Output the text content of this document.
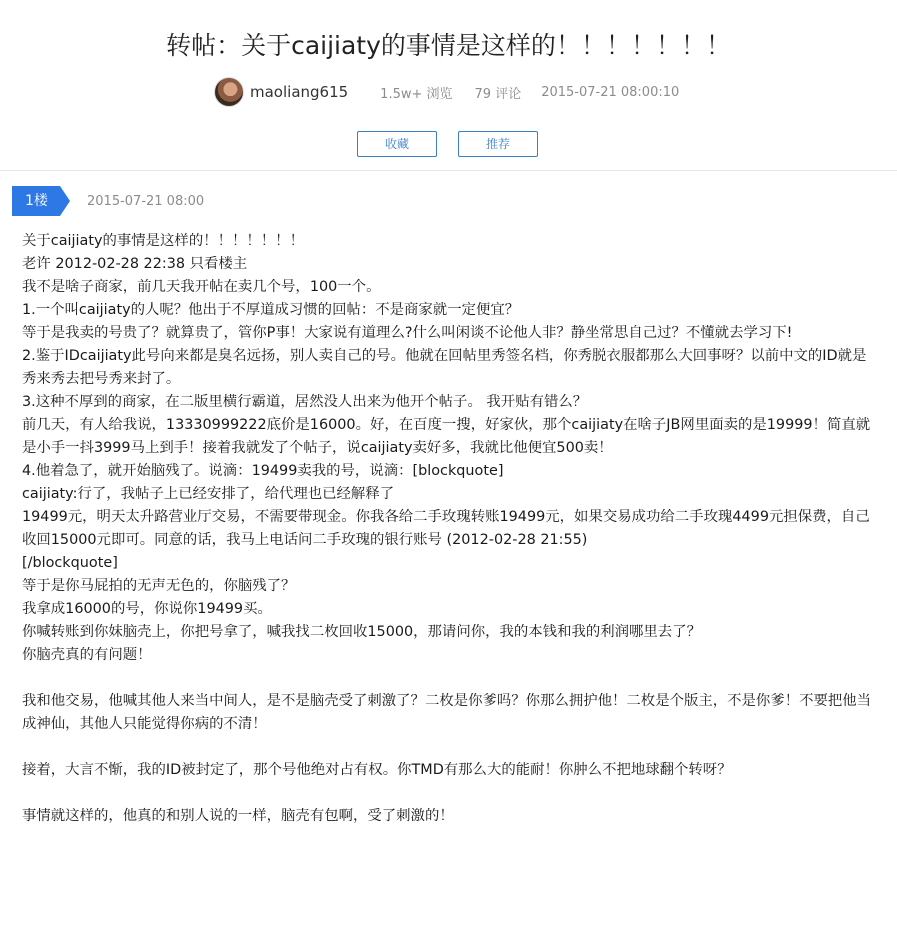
转帖：关于caijiaty的事情是这样的！！！！！！！
maoliang615 1.5w+ 浏览 79 评论 2015-07-21 08:00:10
收藏	推荐
1楼	2015-07-21 08:00
关于caijiaty的事情是这样的！！！！！！！
老许 2012-02-28 22:38 只看楼主
我不是啥子商家，前几天我开帖在卖几个号，100一个。
1.一个叫caijiaty的人呢？他出于不厚道成习惯的回帖：不是商家就一定便宜？
等于是我卖的号贵了？就算贵了，管你P事！大家说有道理么?什么叫闲谈不论他人非？静坐常思自己过？不懂就去学习下!
2.鉴于IDcaijiaty此号向来都是臭名远扬，别人卖自己的号。他就在回帖里秀签名档，你秀脱衣服都那么大回事呀？以前中文的ID就是秀来秀去把号秀来封了。
3.这种不厚到的商家，在二版里横行霸道，居然没人出来为他开个帖子。 我开贴有错么？
前几天，有人给我说，13330999222底价是16000。好，在百度一搜，好家伙，那个caijiaty在啥子JB网里面卖的是19999！简直就是小手一抖3999马上到手！接着我就发了个帖子，说caijiaty卖好多，我就比他便宜500卖！
4.他着急了，就开始脑残了。说滴：19499卖我的号，说滴：[blockquote]
caijiaty:行了，我帖子上已经安排了，给代理也已经解释了
19499元，明天太升路营业厅交易，不需要带现金。你我各给二手玫瑰转账19499元，如果交易成功给二手玫瑰4499元担保费，自己收回15000元即可。同意的话，我马上电话问二手玫瑰的银行账号 (2012-02-28 21:55)
[/blockquote]
等于是你马屁拍的无声无色的，你脑残了？
我拿成16000的号，你说你19499买。
你喊转账到你妹脑壳上，你把号拿了，喊我找二枚回收15000，那请问你，我的本钱和我的利润哪里去了？
你脑壳真的有问题！
我和他交易，他喊其他人来当中间人，是不是脑壳受了刺激了？二枚是你爹吗？你那么拥护他！二枚是个版主，不是你爹！不要把他当成神仙，其他人只能觉得你病的不清！
接着，大言不惭，我的ID被封定了，那个号他绝对占有权。你TMD有那么大的能耐！你肿么不把地球翻个转呀？
事情就这样的，他真的和别人说的一样，脑壳有包啊，受了刺激的！
